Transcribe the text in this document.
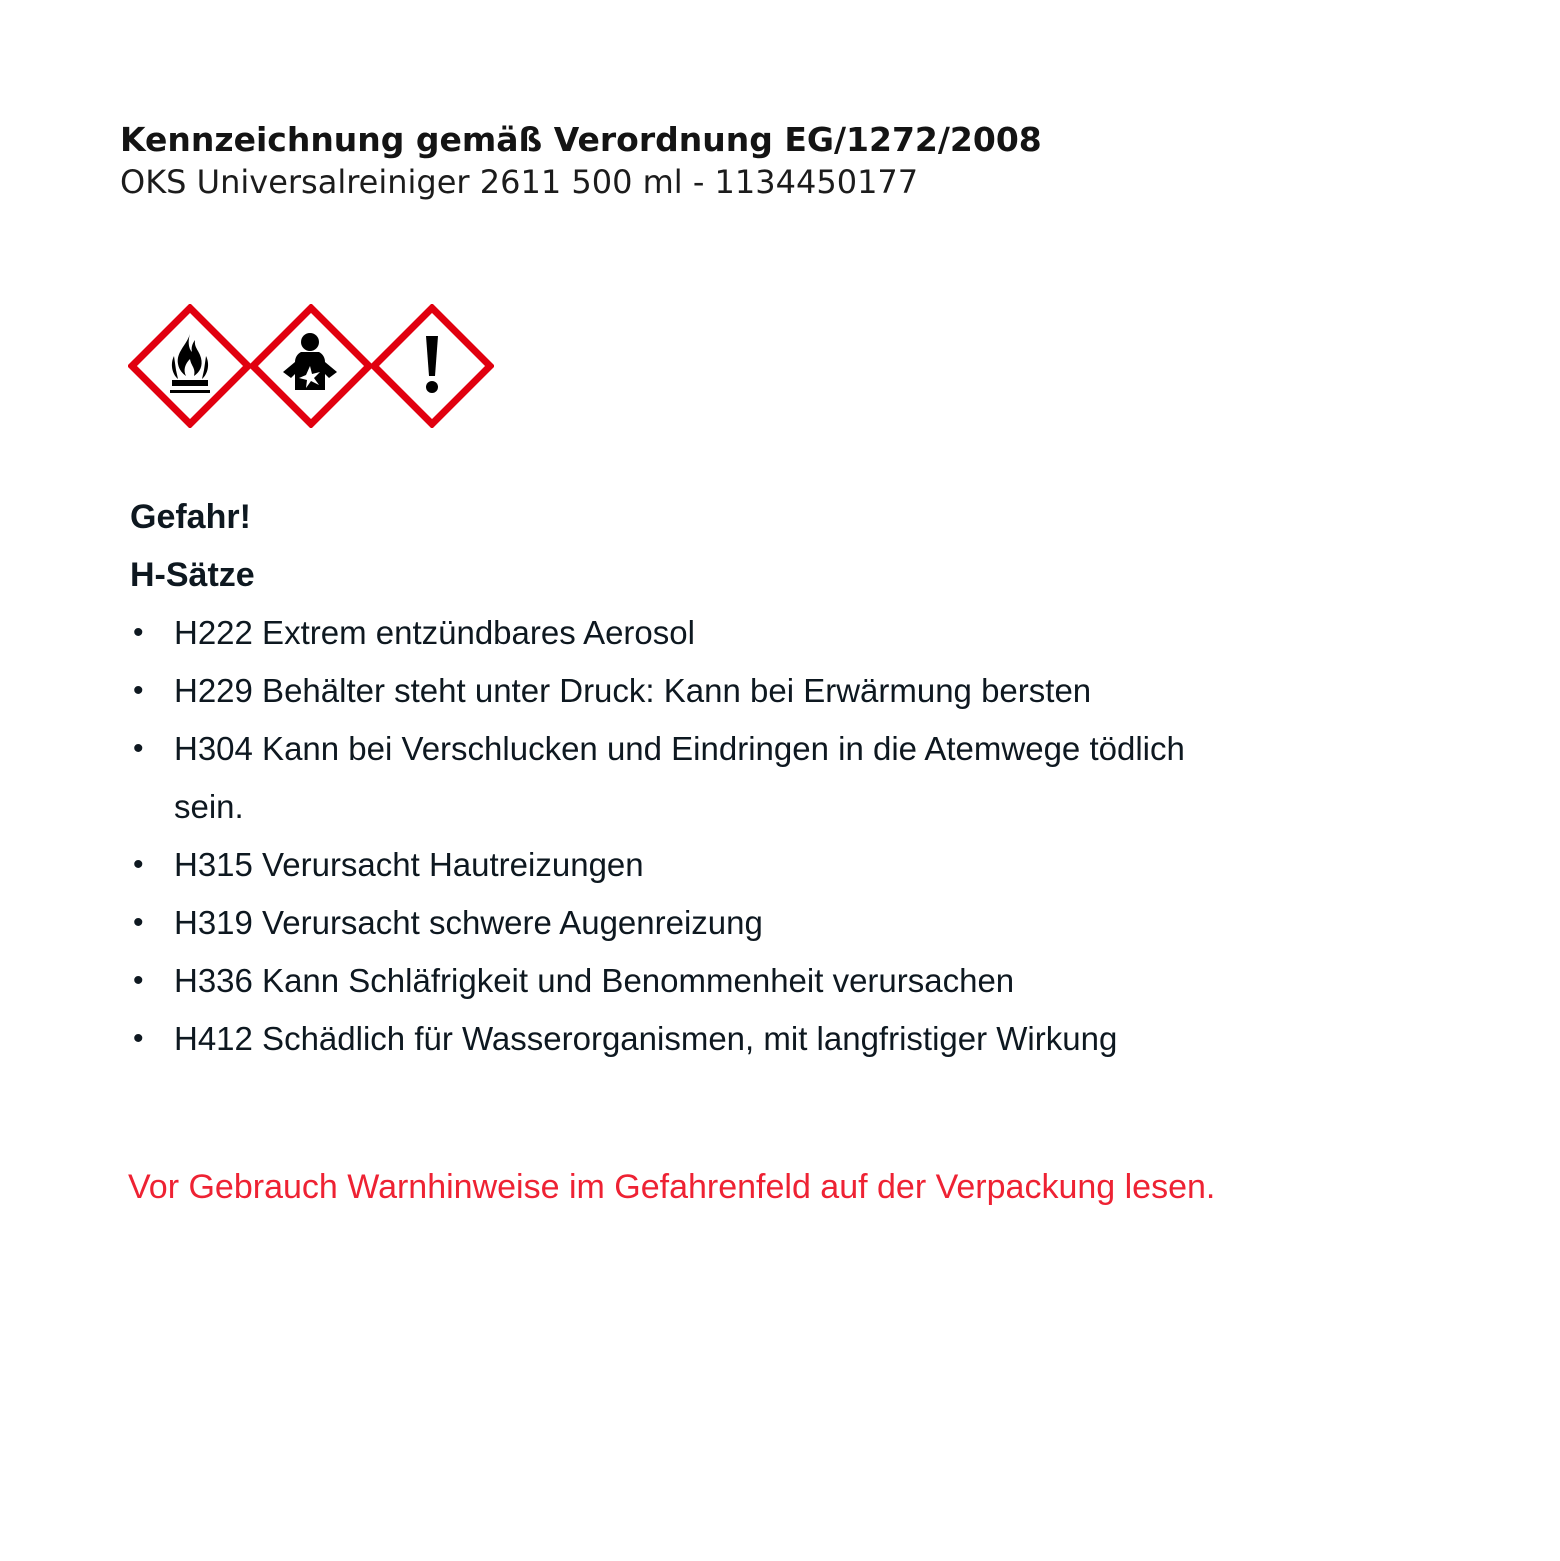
Kennzeichnung gemäß Verordnung EG/1272/2008
OKS Universalreiniger 2611 500 ml - 1134450177
Gefahr!
H-Sätze
• H222 Extrem entzündbares Aerosol
• H229 Behälter steht unter Druck: Kann bei Erwärmung bersten
• H304 Kann bei Verschlucken und Eindringen in die Atemwege tödlich sein.
• H315 Verursacht Hautreizungen
• H319 Verursacht schwere Augenreizung
• H336 Kann Schläfrigkeit und Benommenheit verursachen
• H412 Schädlich für Wasserorganismen, mit langfristiger Wirkung
Vor Gebrauch Warnhinweise im Gefahrenfeld auf der Verpackung lesen.
